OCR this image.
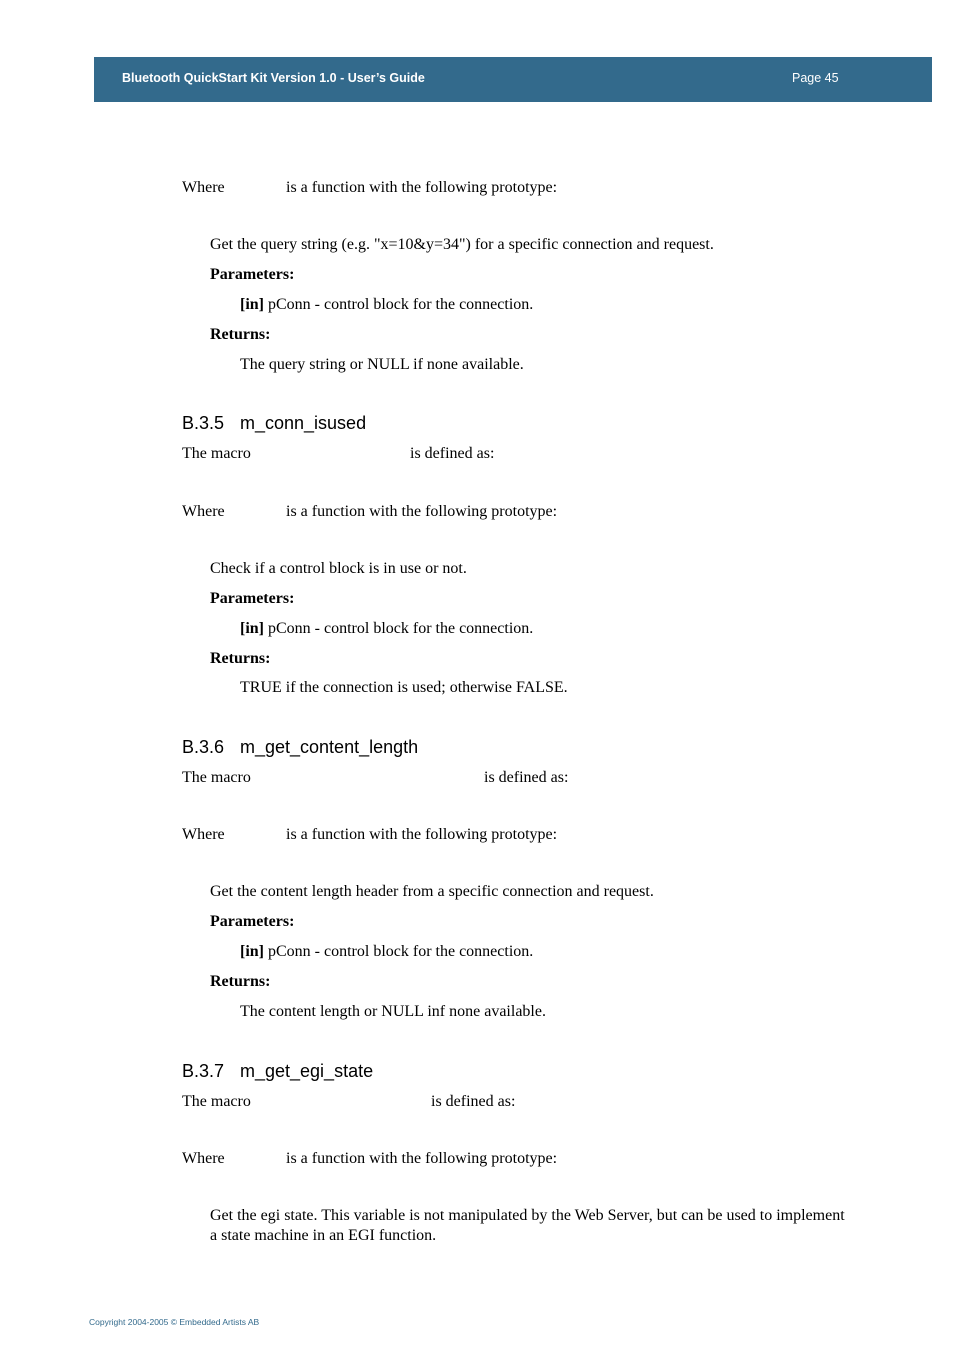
Bluetooth QuickStart Kit Version 1.0 - User’s Guide	Page 45
Where	is a function with the following prototype:
Get the query string (e.g. "x=10&y=34") for a specific connection and request.
Parameters:
[in] pConn - control block for the connection.
Returns:
The query string or NULL if none available.
B.3.5 m_conn_isused
The macro	is defined as:
Where	is a function with the following prototype:
Check if a control block is in use or not.
Parameters:
[in] pConn - control block for the connection.
Returns:
TRUE if the connection is used; otherwise FALSE.
B.3.6 m_get_content_length
The macro	is defined as:
Where	is a function with the following prototype:
Get the content length header from a specific connection and request.
Parameters:
[in] pConn - control block for the connection.
Returns:
The content length or NULL inf none available.
B.3.7 m_get_egi_state
The macro	is defined as:
Where	is a function with the following prototype:
Get the egi state. This variable is not manipulated by the Web Server, but can be used to implement a state machine in an EGI function.
Copyright 2004-2005 © Embedded Artists AB
